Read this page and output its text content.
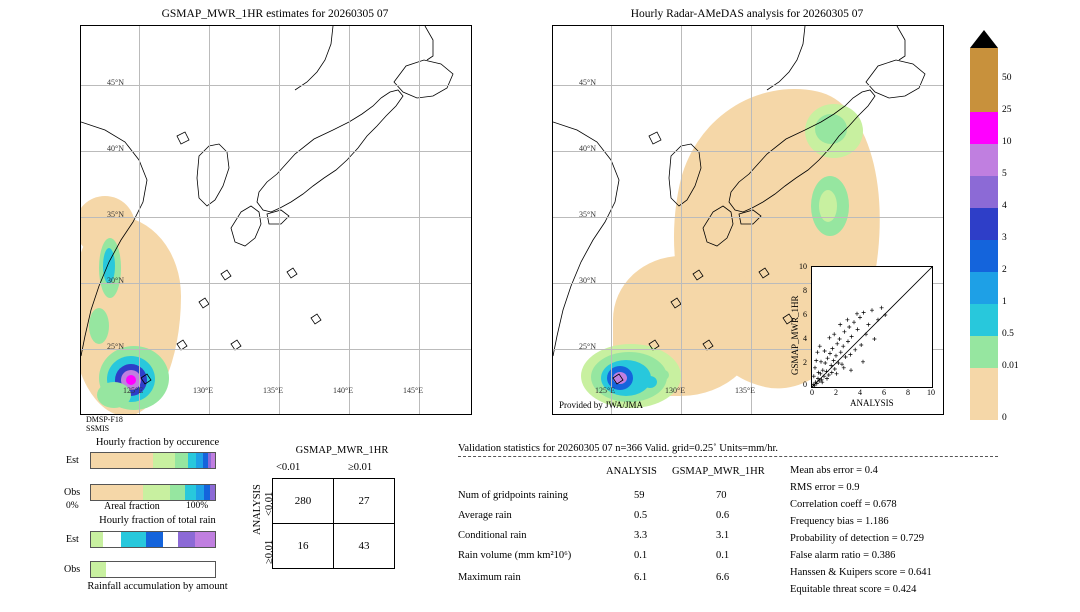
GSMAP_MWR_1HR estimates for 20260305 07
45°N
40°N
35°N
30°N
25°N
125°E	130°E	135°E	140°E	145°E
DMSP-F18
SSMIS
Hourly Radar-AMeDAS analysis for 20260305 07
45°N
40°N
35°N
30°N
25°N
125°E	130°E	135°E
Provided by JWA/JMA
10
8
6
4
2
0
0	2	4	6	8 10
ANALYSIS
GSMAP_MWR_1HR
50
25
10
5
4
3
2
1
0.5
0.01
0
Hourly fraction by occurence
Est
Obs
0%	100%
Areal fraction
Hourly fraction of total rain
Est
Obs
Rainfall accumulation by amount
GSMAP_MWR_1HR
<0.01	≥0.01
ANALYSIS <0.01
≥0.01
280	27
16	43
Validation statistics for 20260305 07 n=366 Valid. grid=0.25˚ Units=mm/hr.
ANALYSIS GSMAP_MWR_1HR
Num of gridpoints raining	59	70
Average rain	0.5	0.6
Conditional rain	3.3	3.1
Rain volume (mm km²10⁶)	0.1	0.1
Maximum rain	6.1	6.6
Mean abs error = 0.4
RMS error = 0.9
Correlation coeff = 0.678
Frequency bias = 1.186
Probability of detection = 0.729
False alarm ratio = 0.386
Hanssen & Kuipers score = 0.641
Equitable threat score = 0.424
